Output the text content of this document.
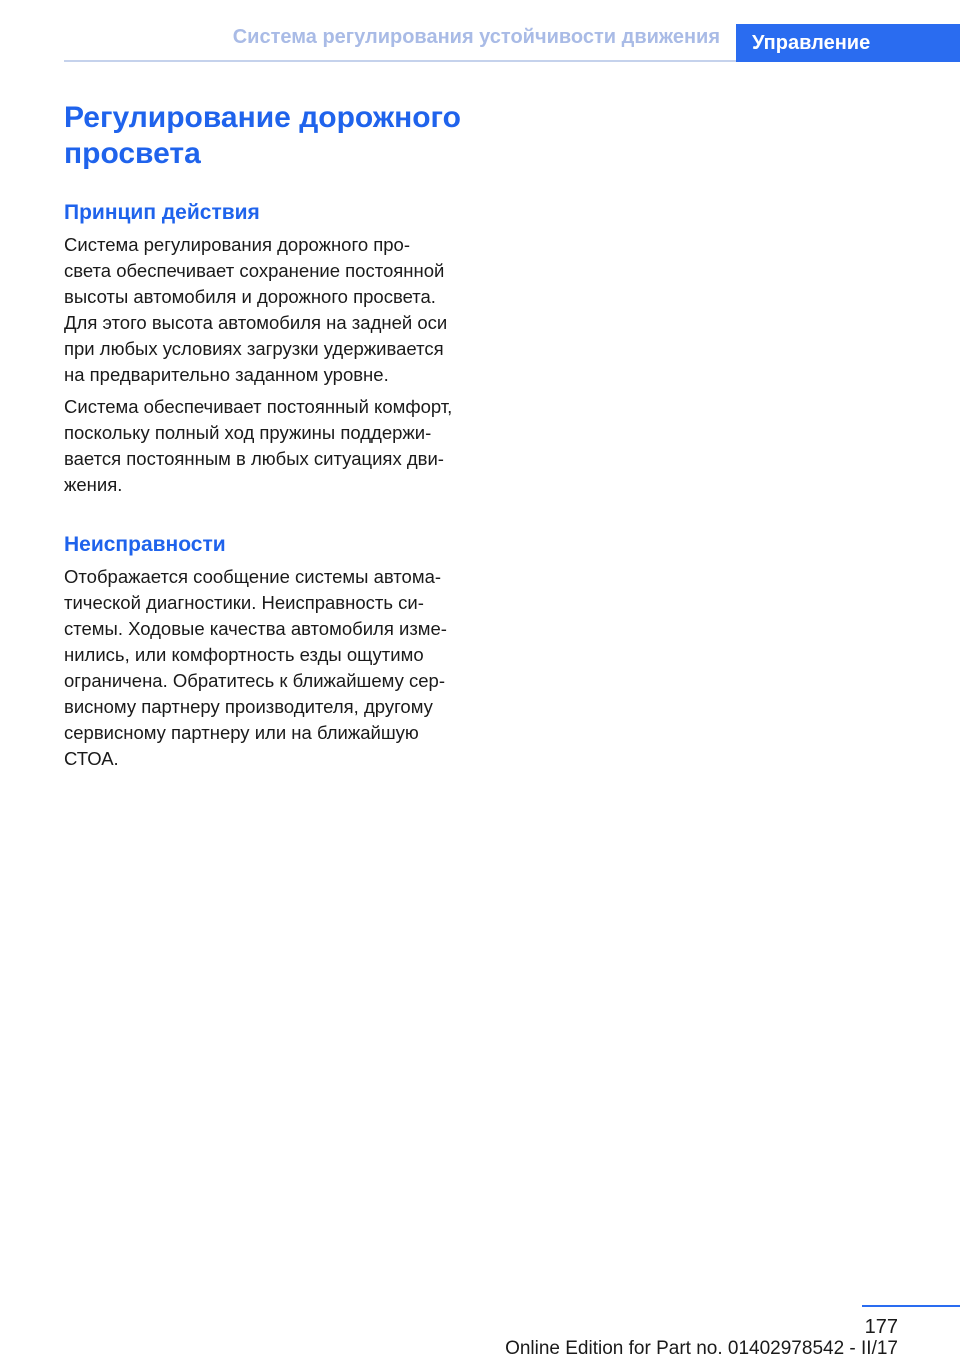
Система регулирования устойчивости движения	Управление
Регулирование дорожного
просвета
Принцип действия

Система регулирования дорожного про-
света обеспечивает сохранение постоянной
высоты автомобиля и дорожного просвета.
Для этого высота автомобиля на задней оси
при любых условиях загрузки удерживается
на предварительно заданном уровне.

Система обеспечивает постоянный комфорт,
поскольку полный ход пружины поддержи-
вается постоянным в любых ситуациях дви-
жения.

Неисправности

Отображается сообщение системы автома-
тической диагностики. Неисправность си-
стемы. Ходовые качества автомобиля изме-
нились, или комфортность езды ощутимо
ограничена. Обратитесь к ближайшему сер-
висному партнеру производителя, другому
сервисному партнеру или на ближайшую
СТОА.

177
Online Edition for Part no. 01402978542 - II/17
